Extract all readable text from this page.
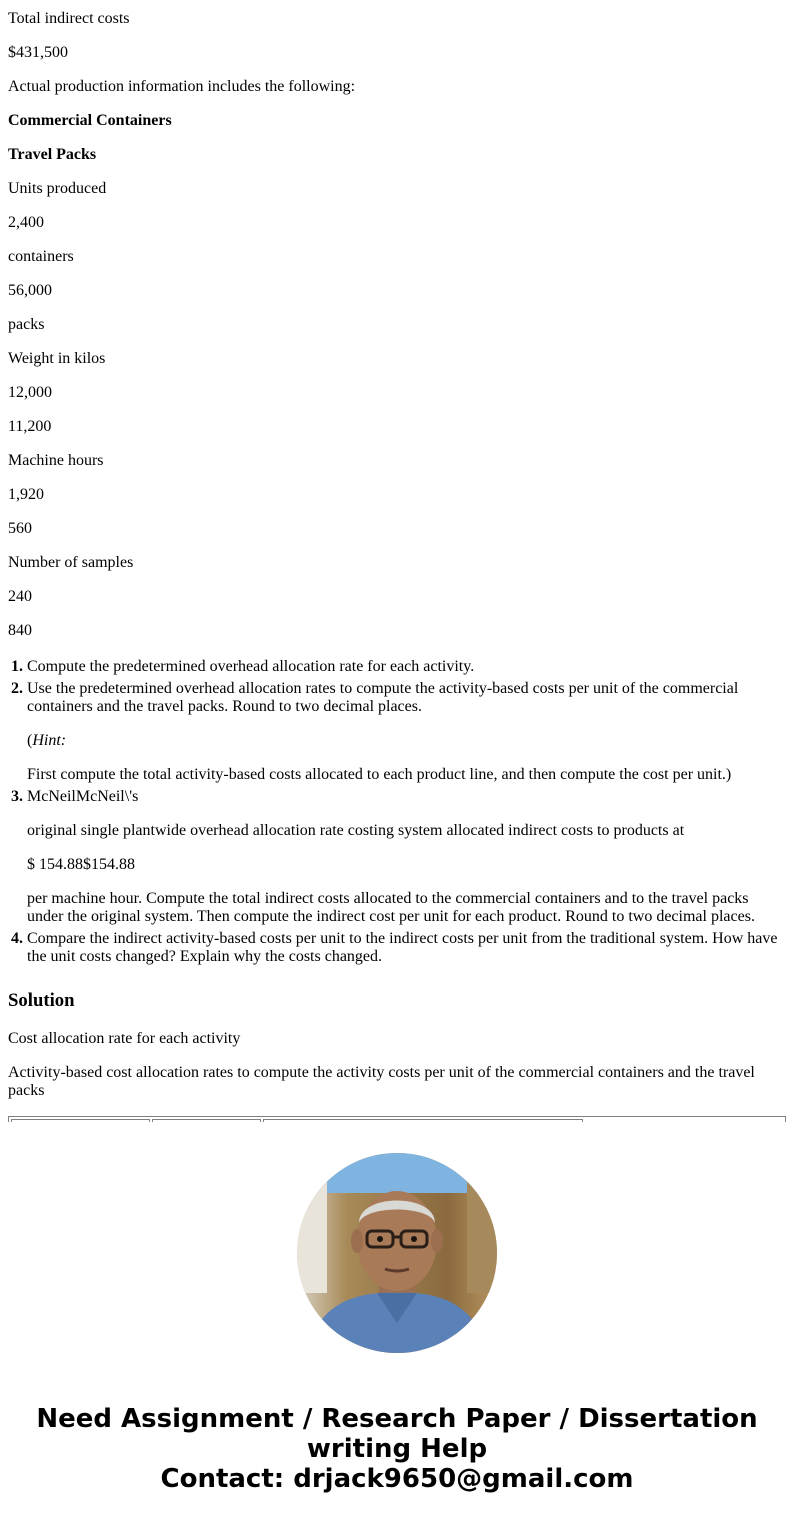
Total indirect costs

$431,500

Actual production information includes the following:

Commercial Containers

Travel Packs

Units produced

2,400

containers

56,000

packs

Weight in kilos

12,000

11,200

Machine hours

1,920

560

Number of samples

240

840

1. Compute the predetermined overhead allocation rate for each activity.
2. Use the predetermined overhead allocation rates to compute the activity-based costs per unit of the commercial containers and the travel packs. Round to two decimal places.
(Hint:
First compute the total activity-based costs allocated to each product line, and then compute the cost per unit.)
3. McNeilMcNeil\'s
original single plantwide overhead allocation rate costing system allocated indirect costs to products at
$ 154.88$154.88
per machine hour. Compute the total indirect costs allocated to the commercial containers and to the travel packs under the original system. Then compute the indirect cost per unit for each product. Round to two decimal places.
4. Compare the indirect activity-based costs per unit to the indirect costs per unit from the traditional system. How have the unit costs changed? Explain why the costs changed.
Solution

Cost allocation rate for each activity

Activity-based cost allocation rates to compute the activity costs per unit of the commercial containers and the travel packs

Need Assignment / Research Paper / Dissertation
writing Help
Contact: drjack9650@gmail.com
